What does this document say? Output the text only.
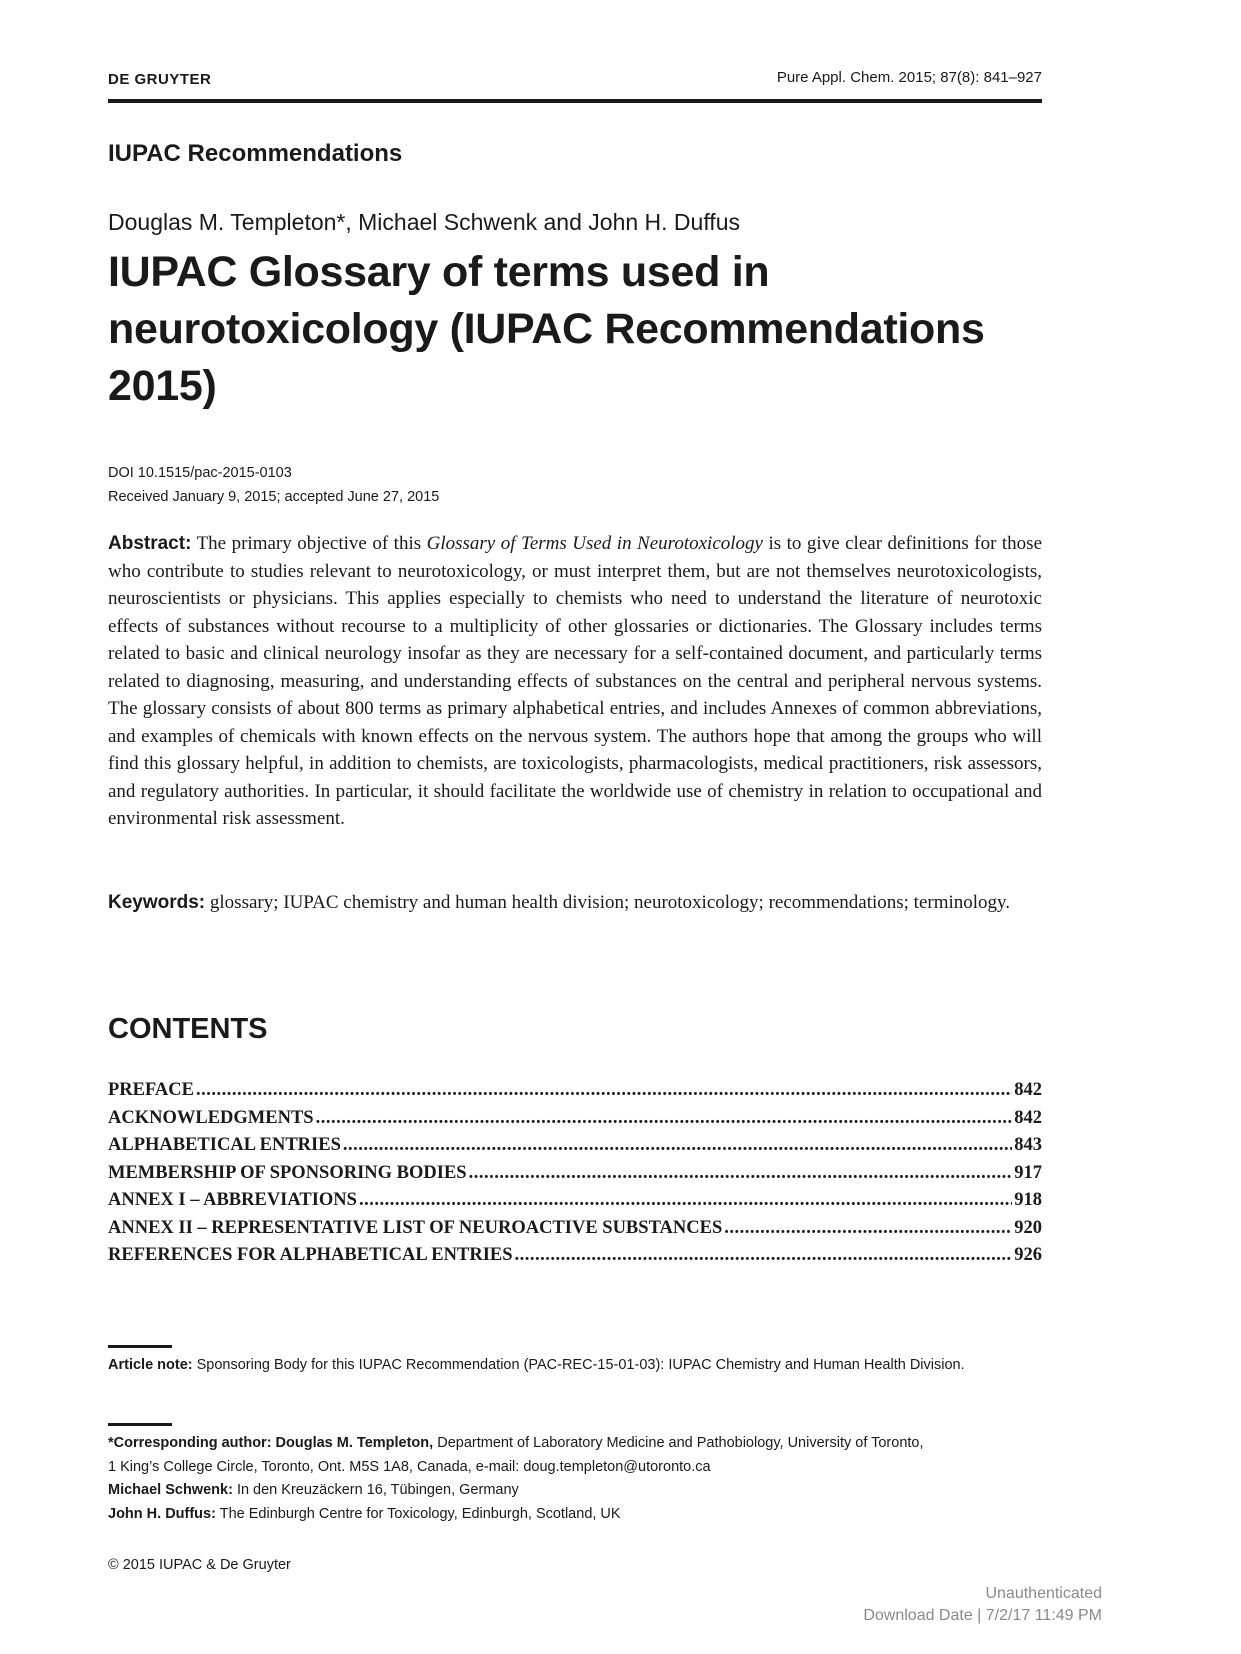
DE GRUYTER	Pure Appl. Chem. 2015; 87(8): 841–927
IUPAC Recommendations
Douglas M. Templeton*, Michael Schwenk and John H. Duffus
IUPAC Glossary of terms used in neurotoxicology (IUPAC Recommendations 2015)
DOI 10.1515/pac-2015-0103
Received January 9, 2015; accepted June 27, 2015

Abstract: The primary objective of this Glossary of Terms Used in Neurotoxicology is to give clear definitions for those who contribute to studies relevant to neurotoxicology, or must interpret them, but are not themselves neurotoxicologists, neuroscientists or physicians. This applies especially to chemists who need to understand the literature of neurotoxic effects of substances without recourse to a multiplicity of other glossaries or dictionaries. The Glossary includes terms related to basic and clinical neurology insofar as they are necessary for a self-contained document, and particularly terms related to diagnosing, measuring, and understanding effects of substances on the central and peripheral nervous systems. The glossary consists of about 800 terms as primary alphabetical entries, and includes Annexes of common abbreviations, and examples of chemicals with known effects on the nervous system. The authors hope that among the groups who will find this glossary helpful, in addition to chemists, are toxicologists, pharmacologists, medical practitioners, risk assessors, and regulatory authorities. In particular, it should facilitate the worldwide use of chemistry in relation to occupational and environmental risk assessment.

Keywords: glossary; IUPAC chemistry and human health division; neurotoxicology; recommendations; terminology.

CONTENTS
PREFACE .....	842
ACKNOWLEDGMENTS .....	842
ALPHABETICAL ENTRIES .....	843
MEMBERSHIP OF SPONSORING BODIES .....	917
ANNEX I – ABBREVIATIONS .....	918
ANNEX II – REPRESENTATIVE LIST OF NEUROACTIVE SUBSTANCES .....	920
REFERENCES FOR ALPHABETICAL ENTRIES .....	926
Article note: Sponsoring Body for this IUPAC Recommendation (PAC-REC-15-01-03): IUPAC Chemistry and Human Health Division.
*Corresponding author: Douglas M. Templeton, Department of Laboratory Medicine and Pathobiology, University of Toronto,
1 King’s College Circle, Toronto, Ont. M5S 1A8, Canada, e-mail: doug.templeton@utoronto.ca
Michael Schwenk: In den Kreuzäckern 16, Tübingen, Germany
John H. Duffus: The Edinburgh Centre for Toxicology, Edinburgh, Scotland, UK
© 2015 IUPAC & De Gruyter
Unauthenticated
Download Date | 7/2/17 11:49 PM
